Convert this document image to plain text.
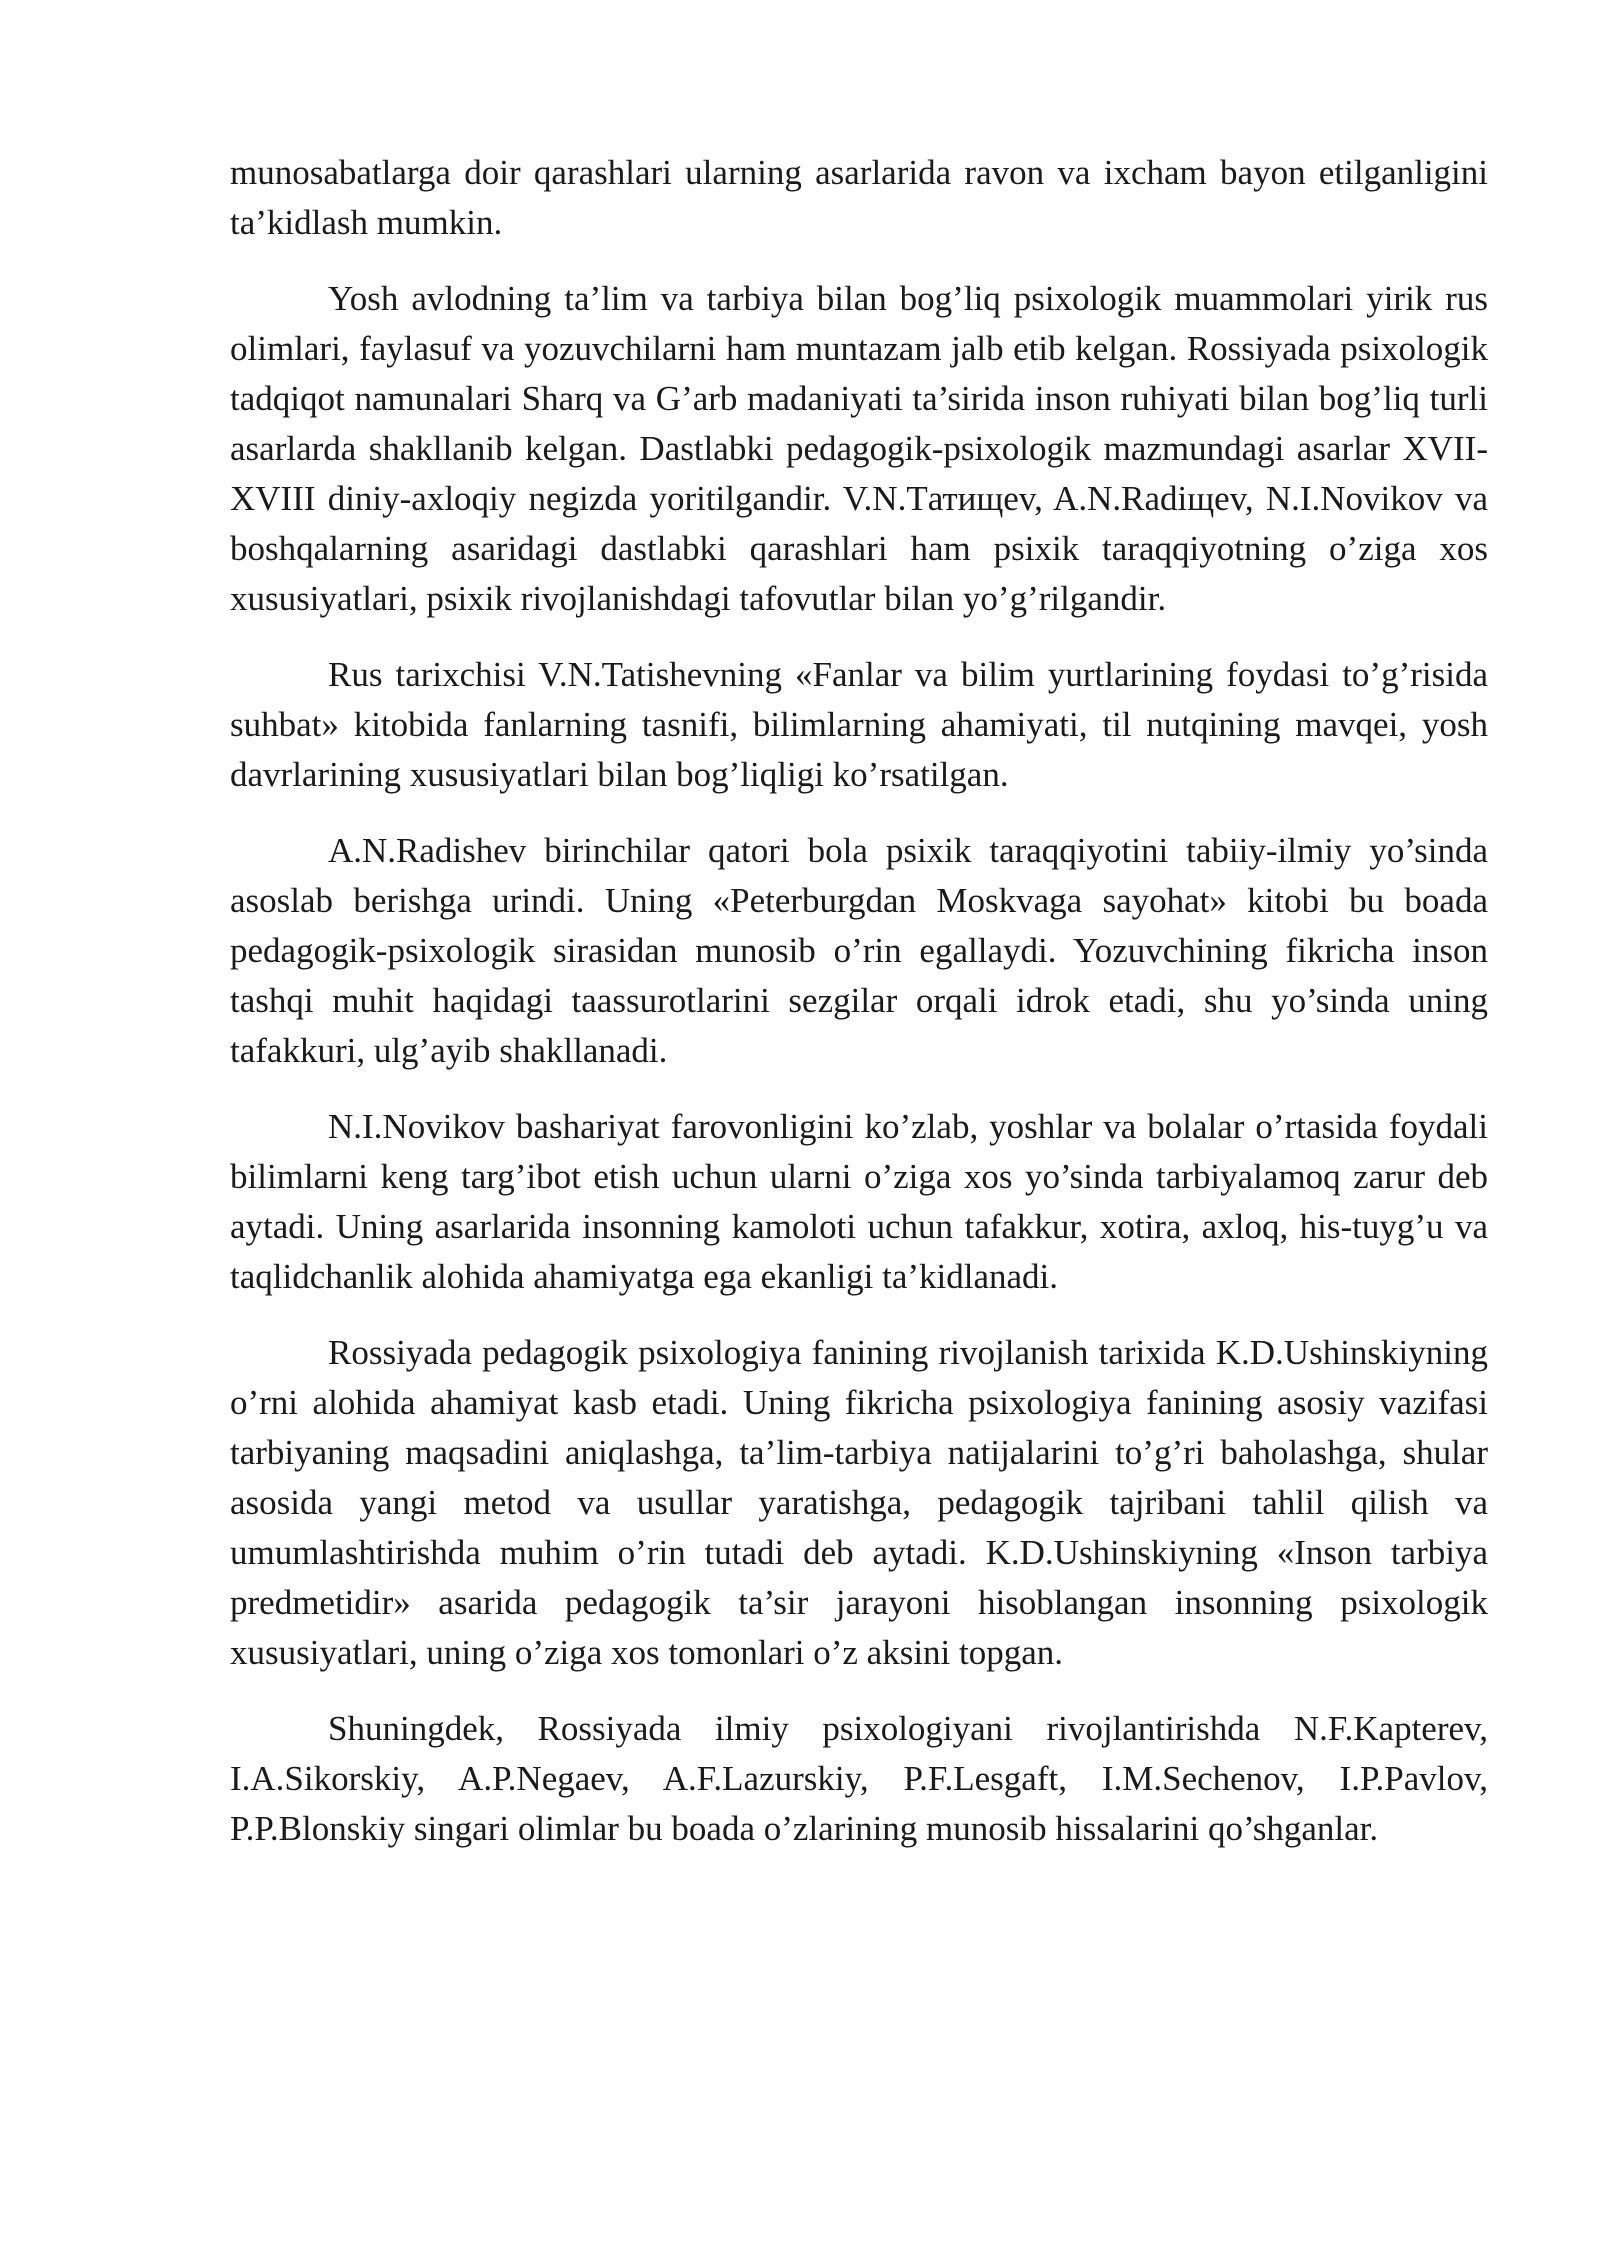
munosabatlarga doir qarashlari ularning asarlarida ravon va ixcham bayon etilganligini ta’kidlash mumkin.

Yosh avlodning ta’lim va tarbiya bilan bog’liq psixologik muammolari yirik rus olimlari, faylasuf va yozuvchilarni ham muntazam jalb etib kelgan. Rossiyada psixologik tadqiqot namunalari Sharq va G’arb madaniyati ta’sirida inson ruhiyati bilan bog’liq turli asarlarda shakllanib kelgan. Dastlabki pedagogik-psixologik mazmundagi asarlar XVII-XVIII diniy-axloqiy negizda yoritilgandir. V.N.Tатищev, A.N.Radiщev, N.I.Novikov va boshqalarning asaridagi dastlabki qarashlari ham psixik taraqqiyotning o’ziga xos xususiyatlari, psixik rivojlanishdagi tafovutlar bilan yo’g’rilgandir.

Rus tarixchisi V.N.Tatishevning «Fanlar va bilim yurtlarining foydasi to’g’risida suhbat» kitobida fanlarning tasnifi, bilimlarning ahamiyati, til nutqining mavqei, yosh davrlarining xususiyatlari bilan bog’liqligi ko’rsatilgan.

A.N.Radishev birinchilar qatori bola psixik taraqqiyotini tabiiy-ilmiy yo’sinda asoslab berishga urindi. Uning «Peterburgdan Moskvaga sayohat» kitobi bu boada pedagogik-psixologik sirasidan munosib o’rin egallaydi. Yozuvchining fikricha inson tashqi muhit haqidagi taassurotlarini sezgilar orqali idrok etadi, shu yo’sinda uning tafakkuri, ulg’ayib shakllanadi.

N.I.Novikov bashariyat farovonligini ko’zlab, yoshlar va bolalar o’rtasida foydali bilimlarni keng targ’ibot etish uchun ularni o’ziga xos yo’sinda tarbiyalamoq zarur deb aytadi. Uning asarlarida insonning kamoloti uchun tafakkur, xotira, axloq, his-tuyg’u va taqlidchanlik alohida ahamiyatga ega ekanligi ta’kidlanadi.

Rossiyada pedagogik psixologiya fanining rivojlanish tarixida K.D.Ushinskiyning o’rni alohida ahamiyat kasb etadi. Uning fikricha psixologiya fanining asosiy vazifasi tarbiyaning maqsadini aniqlashga, ta’lim-tarbiya natijalarini to’g’ri baholashga, shular asosida yangi metod va usullar yaratishga, pedagogik tajribani tahlil qilish va umumlashtirishda muhim o’rin tutadi deb aytadi. K.D.Ushinskiyning «Inson tarbiya predmetidir» asarida pedagogik ta’sir jarayoni hisoblangan insonning psixologik xususiyatlari, uning o’ziga xos tomonlari o’z aksini topgan.

Shuningdek, Rossiyada ilmiy psixologiyani rivojlantirishda N.F.Kapterev, I.A.Sikorskiy, A.P.Negaev, A.F.Lazurskiy, P.F.Lesgaft, I.M.Sechenov, I.P.Pavlov, P.P.Blonskiy singari olimlar bu boada o’zlarining munosib hissalarini qo’shganlar.
